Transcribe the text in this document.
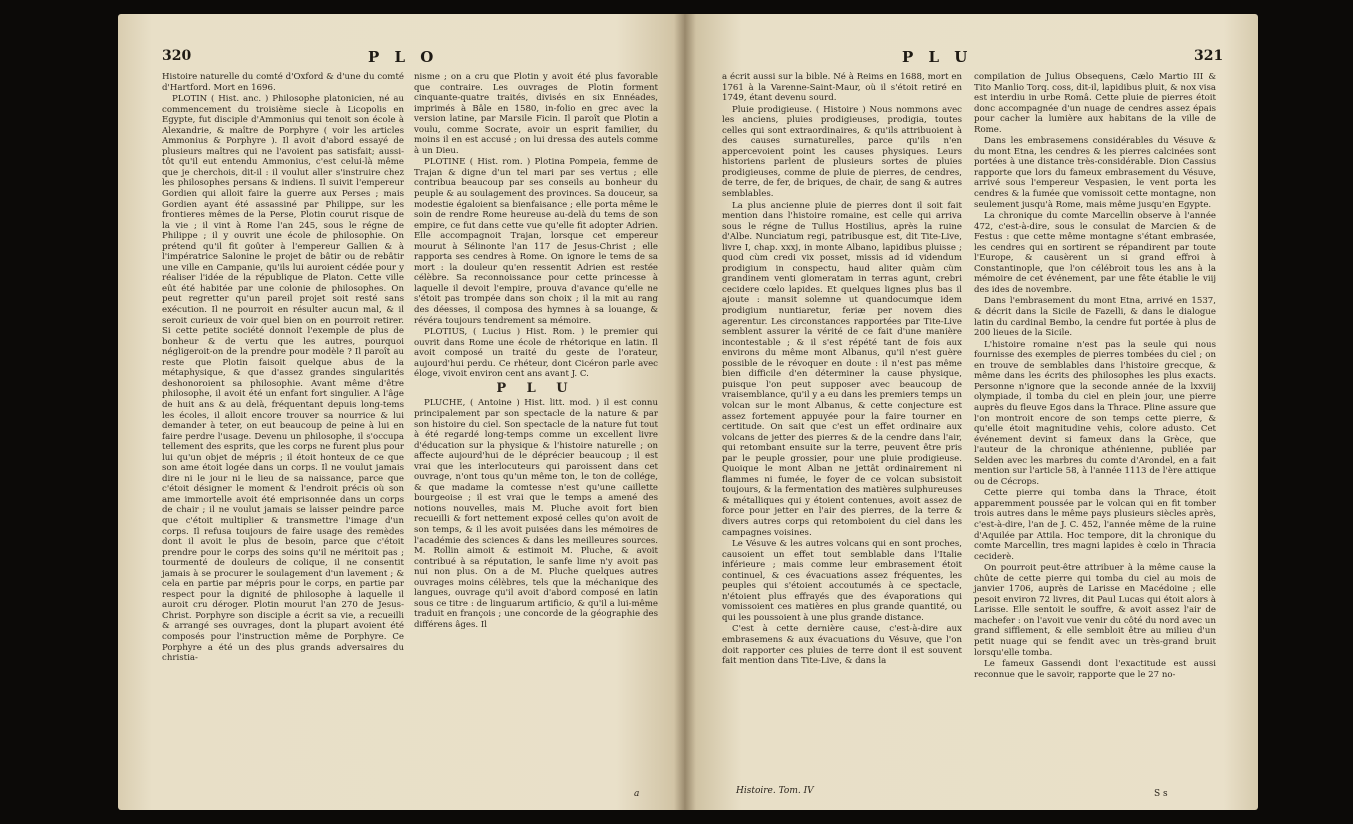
320	P L O

Histoire naturelle du comté d'Oxford & d'une du comté d'Hartford. Mort en 1696.

PLOTIN ( Hist. anc. ) Philosophe platonicien, né au commencement du troisième siecle à Licopolis en Egypte, fut disciple d'Ammonius qui tenoit son école à Alexandrie, & maître de Porphyre ( voir les articles Ammonius & Porphyre ). Il avoit d'abord essayé de plusieurs maîtres qui ne l'avoient pas satisfait; aussi-tôt qu'il eut entendu Ammonius, c'est celui-là même que je cherchois, dit-il : il voulut aller s'instruire chez les philosophes persans & indiens. Il suivit l'empereur Gordien qui alloit faire la guerre aux Perses ; mais Gordien ayant été assassiné par Philippe, sur les frontieres mêmes de la Perse, Plotin courut risque de la vie ; il vint à Rome l'an 245, sous le régne de Philippe ; il y ouvrit une école de philosophie. On prétend qu'il fit goûter à l'empereur Gallien & à l'impératrice Salonine le projet de bâtir ou de rebâtir une ville en Campanie, qu'ils lui auroient cédée pour y réaliser l'idée de la république de Platon. Cette ville eût été habitée par une colonie de philosophes. On peut regretter qu'un pareil projet soit resté sans exécution. Il ne pourroit en résulter aucun mal, & il seroit curieux de voir quel bien on en pourroit retirer. Si cette petite société donnoit l'exemple de plus de bonheur & de vertu que les autres, pourquoi négligeroit-on de la prendre pour modèle ? Il paroît au reste que Plotin faisoit quelque abus de la métaphysique, & que d'assez grandes singularités deshonoroient sa philosophie. Avant même d'être philosophe, il avoit été un enfant fort singulier. A l'âge de huit ans & au delà, fréquentant depuis long-tems les écoles, il alloit encore trouver sa nourrice & lui demander à teter, on eut beaucoup de peine à lui en faire perdre l'usage. Devenu un philosophe, il s'occupa tellement des esprits, que les corps ne furent plus pour lui qu'un objet de mépris ; il étoit honteux de ce que son ame étoit logée dans un corps. Il ne voulut jamais dire ni le jour ni le lieu de sa naissance, parce que c'étoit désigner le moment & l'endroit précis où son ame immortelle avoit été emprisonnée dans un corps de chair ; il ne voulut jamais se laisser peindre parce que c'étoit multiplier & transmettre l'image d'un corps. Il refusa toujours de faire usage des remèdes dont il avoit le plus de besoin, parce que c'étoit prendre pour le corps des soins qu'il ne méritoit pas ; tourmenté de douleurs de colique, il ne consentit jamais à se procurer le soulagement d'un lavement ; & cela en partie par mépris pour le corps, en partie par respect pour la dignité de philosophe à laquelle il auroit cru déroger. Plotin mourut l'an 270 de Jesus-Christ. Porphyre son disciple a écrit sa vie, a recueilli & arrangé ses ouvrages, dont la plupart avoient été composés pour l'instruction même de Porphyre. Ce Porphyre a été un des plus grands adversaires du christia-

nisme ; on a cru que Plotin y avoit été plus favorable que contraire. Les ouvrages de Plotin forment cinquante-quatre traités, divisés en six Ennéades, imprimés à Bâle en 1580, in-folio en grec avec la version latine, par Marsile Ficin. Il paroît que Plotin a voulu, comme Socrate, avoir un esprit familier, du moins il en est accusé ; on lui dressa des autels comme à un Dieu.

PLOTINE ( Hist. rom. ) Plotina Pompeia, femme de Trajan & digne d'un tel mari par ses vertus ; elle contribua beaucoup par ses conseils au bonheur du peuple & au soulagement des provinces. Sa douceur, sa modestie égaloient sa bienfaisance ; elle porta même le soin de rendre Rome heureuse au-delà du tems de son empire, ce fut dans cette vue qu'elle fit adopter Adrien. Elle accompagnoit Trajan, lorsque cet empereur mourut à Sélinonte l'an 117 de Jesus-Christ ; elle rapporta ses cendres à Rome. On ignore le tems de sa mort : la douleur qu'en ressentit Adrien est restée célèbre. Sa reconnoissance pour cette princesse à laquelle il devoit l'empire, prouva d'avance qu'elle ne s'étoit pas trompée dans son choix ; il la mit au rang des déesses, il composa des hymnes à sa louange, & révéra toujours tendrement sa mémoire.

PLOTIUS, ( Lucius ) Hist. Rom. ) le premier qui ouvrit dans Rome une école de rhétorique en latin. Il avoit composé un traité du geste de l'orateur, aujourd'hui perdu. Ce rhéteur, dont Cicéron parle avec éloge, vivoit environ cent ans avant J. C.

P L U

PLUCHE, ( Antoine ) Hist. litt. mod. ) il est connu principalement par son spectacle de la nature & par son histoire du ciel. Son spectacle de la nature fut tout à été regardé long-temps comme un excellent livre d'éducation sur la physique & l'histoire naturelle ; on affecte aujourd'hui de le déprécier beaucoup ; il est vrai que les interlocuteurs qui paroissent dans cet ouvrage, n'ont tous qu'un même ton, le ton de collége, & que madame la comtesse n'est qu'une caillette bourgeoise ; il est vrai que le temps a amené des notions nouvelles, mais M. Pluche avoit fort bien recueilli & fort nettement exposé celles qu'on avoit de son temps, & il les avoit puisées dans les mémoires de l'académie des sciences & dans les meilleures sources. M. Rollin aimoit & estimoit M. Pluche, & avoit contribué à sa réputation, le sanfe lime n'y avoit pas nui non plus. On a de M. Pluche quelques autres ouvrages moins célèbres, tels que la méchanique des langues, ouvrage qu'il avoit d'abord composé en latin sous ce titre : de linguarum artificio, & qu'il a lui-même traduit en françois ; une concorde de la géographie des différens âges. Il

a
P L U	321

a écrit aussi sur la bible. Né à Reims en 1688, mort en 1761 à la Varenne-Saint-Maur, où il s'étoit retiré en 1749, étant devenu sourd.

Pluie prodigieuse. ( Histoire ) Nous nommons avec les anciens, pluies prodigieuses, prodigia, toutes celles qui sont extraordinaires, & qu'ils attribuoient à des causes surnaturelles, parce qu'ils n'en appercevoient point les causes physiques. Leurs historiens parlent de plusieurs sortes de pluies prodigieuses, comme de pluie de pierres, de cendres, de terre, de fer, de briques, de chair, de sang & autres semblables.

La plus ancienne pluie de pierres dont il soit fait mention dans l'histoire romaine, est celle qui arriva sous le régne de Tullus Hostilius, après la ruine d'Albe. Nunciatum regi, patribusque est, dit Tite-Live, livre I, chap. xxxj, in monte Albano, lapidibus pluisse ; quod cùm credi vix posset, missis ad id videndum prodigium in conspectu, haud aliter quàm cùm grandinem venti glomeratam in terras agunt, crebri cecidere cœlo lapides. Et quelques lignes plus bas il ajoute : mansit solemne ut quandocumque idem prodigium nuntiaretur, feriæ per novem dies agerentur. Les circonstances rapportées par Tite-Live semblent assurer la vérité de ce fait d'une manière incontestable ; & il s'est répété tant de fois aux environs du même mont Albanus, qu'il n'est guère possible de le révoquer en doute : il n'est pas même bien difficile d'en déterminer la cause physique, puisque l'on peut supposer avec beaucoup de vraisemblance, qu'il y a eu dans les premiers temps un volcan sur le mont Albanus, & cette conjecture est assez fortement appuyée pour la faire tourner en certitude. On sait que c'est un effet ordinaire aux volcans de jetter des pierres & de la cendre dans l'air, qui retombant ensuite sur la terre, peuvent être pris par le peuple grossier, pour une pluie prodigieuse. Quoique le mont Alban ne jettât ordinairement ni flammes ni fumée, le foyer de ce volcan subsistoit toujours, & la fermentation des matières sulphureuses & métalliques qui y étoient contenues, avoit assez de force pour jetter en l'air des pierres, de la terre & divers autres corps qui retomboient du ciel dans les campagnes voisines.

Le Vésuve & les autres volcans qui en sont proches, causoient un effet tout semblable dans l'Italie inférieure ; mais comme leur embrasement étoit continuel, & ces évacuations assez fréquentes, les peuples qui s'étoient accoutumés à ce spectacle, n'étoient plus effrayés que des évaporations qui vomissoient ces matières en plus grande quantité, ou qui les poussoient à une plus grande distance.

C'est à cette dernière cause, c'est-à-dire aux embrasemens & aux évacuations du Vésuve, que l'on doit rapporter ces pluies de terre dont il est souvent fait mention dans Tite-Live, & dans la

Histoire. Tom. IV

compilation de Julius Obsequens, Cælo Martio III & Tito Manlio Torq. coss, dit-il, lapidibus pluit, & nox visa est interdiu in urbe Româ. Cette pluie de pierres étoit donc accompagnée d'un nuage de cendres assez épais pour cacher la lumière aux habitans de la ville de Rome.

Dans les embrasemens considérables du Vésuve & du mont Etna, les cendres & les pierres calcinées sont portées à une distance très-considérable. Dion Cassius rapporte que lors du fameux embrasement du Vésuve, arrivé sous l'empereur Vespasien, le vent porta les cendres & la fumée que vomissoit cette montagne, non seulement jusqu'à Rome, mais même jusqu'en Egypte.

La chronique du comte Marcellin observe à l'année 472, c'est-à-dire, sous le consulat de Marcien & de Festus : que cette même montagne s'étant embrasée, les cendres qui en sortirent se répandirent par toute l'Europe, & causèrent un si grand effroi à Constantinople, que l'on célébroit tous les ans à la mémoire de cet événement, par une fête établie le viij des ides de novembre.

Dans l'embrasement du mont Etna, arrivé en 1537, & décrit dans la Sicile de Fazelli, & dans le dialogue latin du cardinal Bembo, la cendre fut portée à plus de 200 lieues de la Sicile.

L'histoire romaine n'est pas la seule qui nous fournisse des exemples de pierres tombées du ciel ; on en trouve de semblables dans l'histoire grecque, & même dans les écrits des philosophes les plus exacts. Personne n'ignore que la seconde année de la lxxviij olympiade, il tomba du ciel en plein jour, une pierre auprès du fleuve Egos dans la Thrace. Pline assure que l'on montroit encore de son temps cette pierre, & qu'elle étoit magnitudine vehis, colore adusto. Cet événement devint si fameux dans la Grèce, que l'auteur de la chronique athénienne, publiée par Selden avec les marbres du comte d'Arondel, en a fait mention sur l'article 58, à l'année 1113 de l'ère attique ou de Cécrops.

Cette pierre qui tomba dans la Thrace, étoit apparemment poussée par le volcan qui en fit tomber trois autres dans le même pays plusieurs siècles après, c'est-à-dire, l'an de J. C. 452, l'année même de la ruine d'Aquilée par Attila. Hoc tempore, dit la chronique du comte Marcellin, tres magni lapides è cœlo in Thracia ceciderè.

On pourroit peut-être attribuer à la même cause la chûte de cette pierre qui tomba du ciel au mois de janvier 1706, auprès de Larisse en Macédoine ; elle pesoit environ 72 livres, dit Paul Lucas qui étoit alors à Larisse. Elle sentoit le souffre, & avoit assez l'air de machefer : on l'avoit vue venir du côté du nord avec un grand sifflement, & elle sembloit être au milieu d'un petit nuage qui se fendit avec un très-grand bruit lorsqu'elle tomba.

Le fameux Gassendi dont l'exactitude est aussi reconnue que le savoir, rapporte que le 27 no-

S s
